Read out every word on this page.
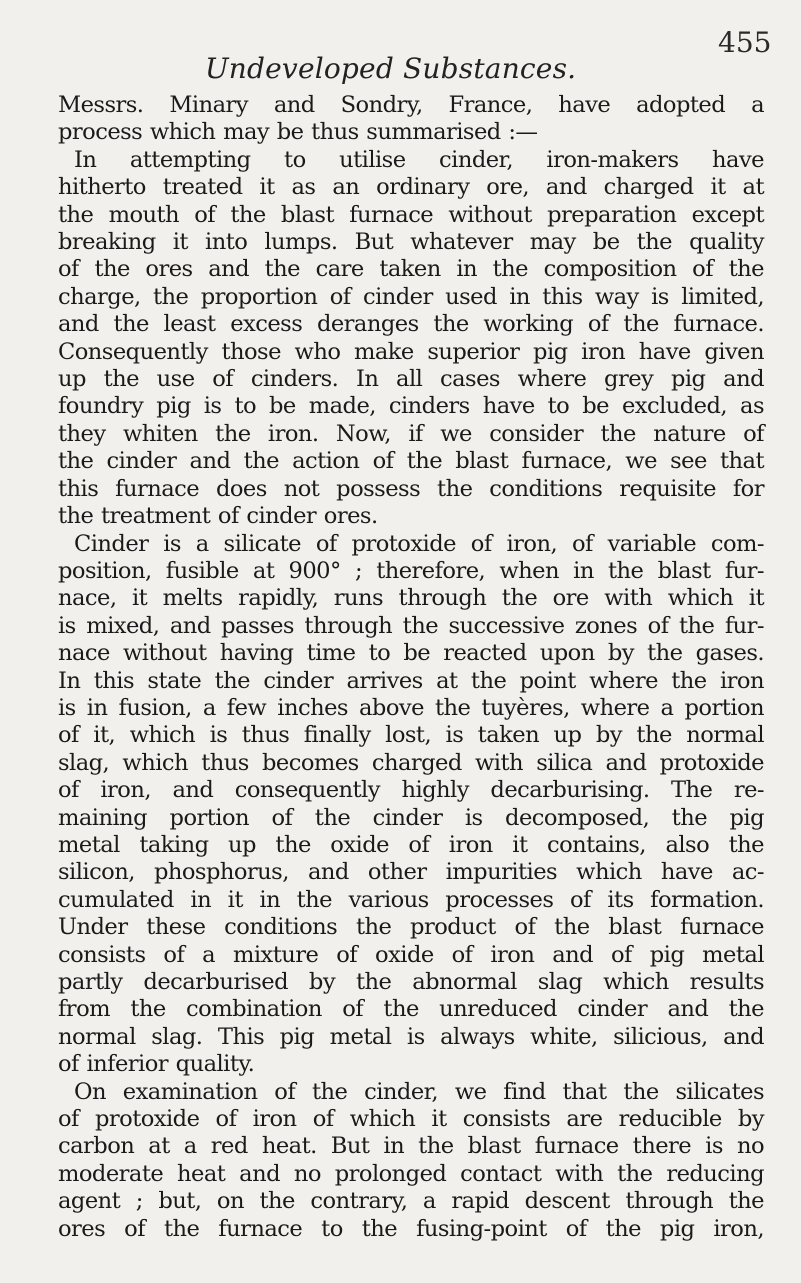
Undeveloped Substances.
455
Messrs. Minary and Sondry, France, have adopted a
process which may be thus summarised :—
In attempting to utilise cinder, iron-makers have
hitherto treated it as an ordinary ore, and charged it at
the mouth of the blast furnace without preparation except
breaking it into lumps. But whatever may be the quality
of the ores and the care taken in the composition of the
charge, the proportion of cinder used in this way is limited,
and the least excess deranges the working of the furnace.
Consequently those who make superior pig iron have given
up the use of cinders. In all cases where grey pig and
foundry pig is to be made, cinders have to be excluded, as
they whiten the iron. Now, if we consider the nature of
the cinder and the action of the blast furnace, we see that
this furnace does not possess the conditions requisite for
the treatment of cinder ores.
Cinder is a silicate of protoxide of iron, of variable com-
position, fusible at 900° ; therefore, when in the blast fur-
nace, it melts rapidly, runs through the ore with which it
is mixed, and passes through the successive zones of the fur-
nace without having time to be reacted upon by the gases.
In this state the cinder arrives at the point where the iron
is in fusion, a few inches above the tuyères, where a portion
of it, which is thus finally lost, is taken up by the normal
slag, which thus becomes charged with silica and protoxide
of iron, and consequently highly decarburising. The re-
maining portion of the cinder is decomposed, the pig
metal taking up the oxide of iron it contains, also the
silicon, phosphorus, and other impurities which have ac-
cumulated in it in the various processes of its formation.
Under these conditions the product of the blast furnace
consists of a mixture of oxide of iron and of pig metal
partly decarburised by the abnormal slag which results
from the combination of the unreduced cinder and the
normal slag. This pig metal is always white, silicious, and
of inferior quality.
On examination of the cinder, we find that the silicates
of protoxide of iron of which it consists are reducible by
carbon at a red heat. But in the blast furnace there is no
moderate heat and no prolonged contact with the reducing
agent ; but, on the contrary, a rapid descent through the
ores of the furnace to the fusing-point of the pig iron,
